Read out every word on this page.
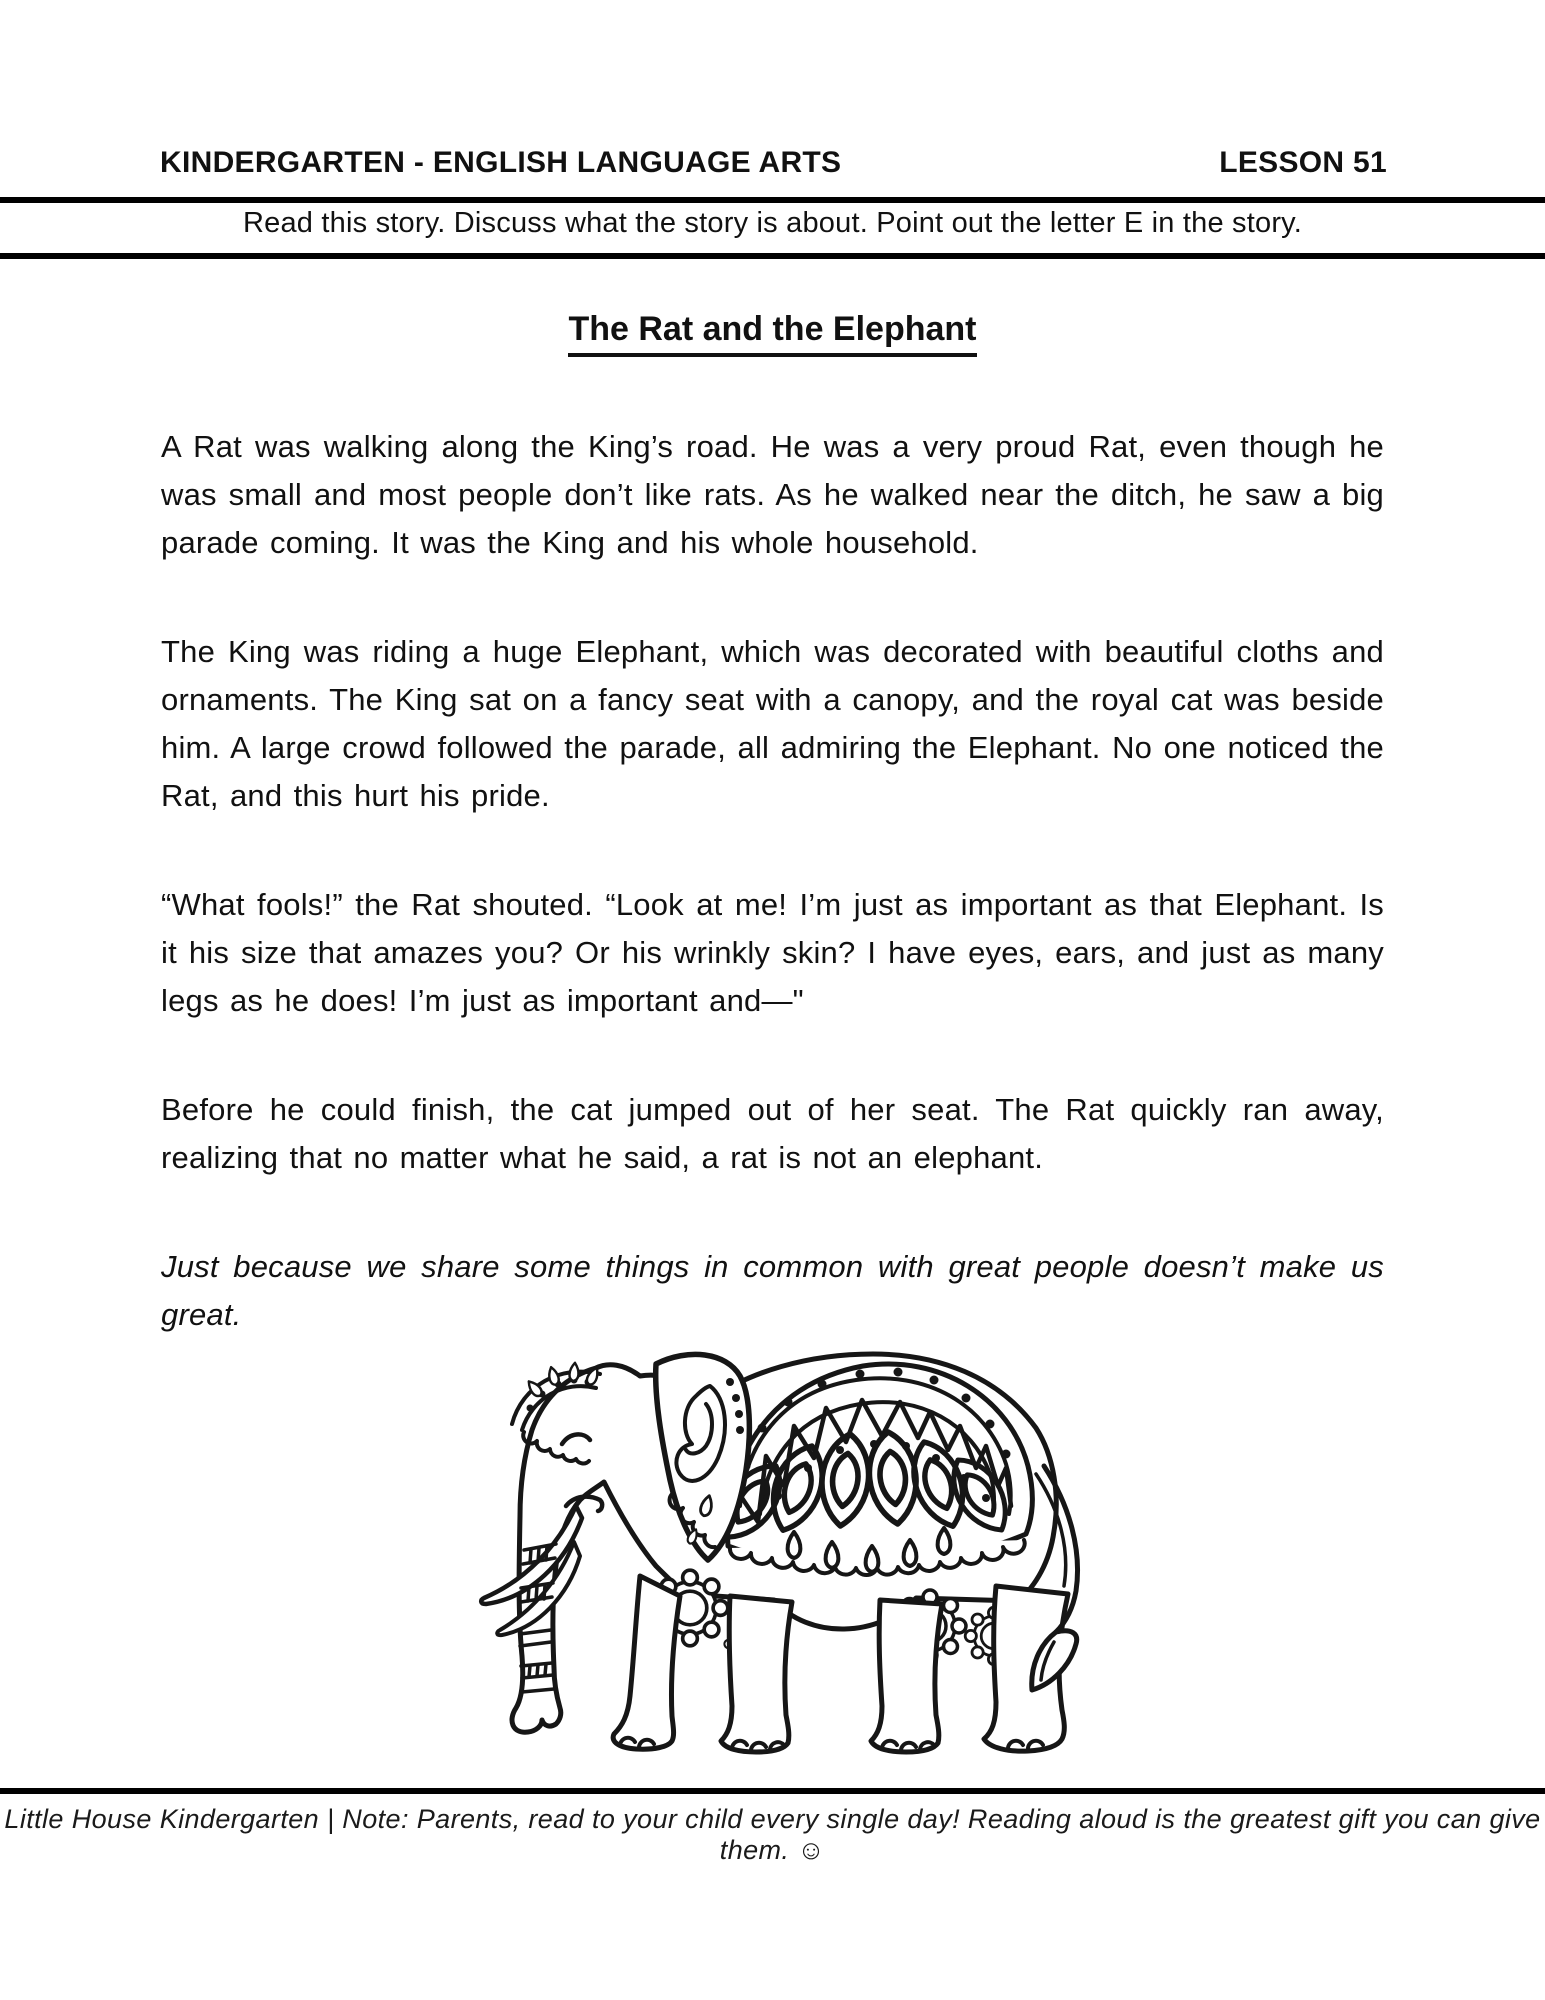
KINDERGARTEN - ENGLISH LANGUAGE ARTS	LESSON 51
Read this story. Discuss what the story is about. Point out the letter E in the story.
The Rat and the Elephant

A Rat was walking along the King’s road. He was a very proud Rat, even though he was small and most people don’t like rats. As he walked near the ditch, he saw a big parade coming. It was the King and his whole household.

The King was riding a huge Elephant, which was decorated with beautiful cloths and ornaments. The King sat on a fancy seat with a canopy, and the royal cat was beside him. A large crowd followed the parade, all admiring the Elephant. No one noticed the Rat, and this hurt his pride.

“What fools!” the Rat shouted. “Look at me! I’m just as important as that Elephant. Is it his size that amazes you? Or his wrinkly skin? I have eyes, ears, and just as many legs as he does! I’m just as important and—"

Before he could finish, the cat jumped out of her seat. The Rat quickly ran away, realizing that no matter what he said, a rat is not an elephant.

Just because we share some things in common with great people doesn’t make us great.

Little House Kindergarten | Note: Parents, read to your child every single day! Reading aloud is the greatest gift you can give them. ☺
